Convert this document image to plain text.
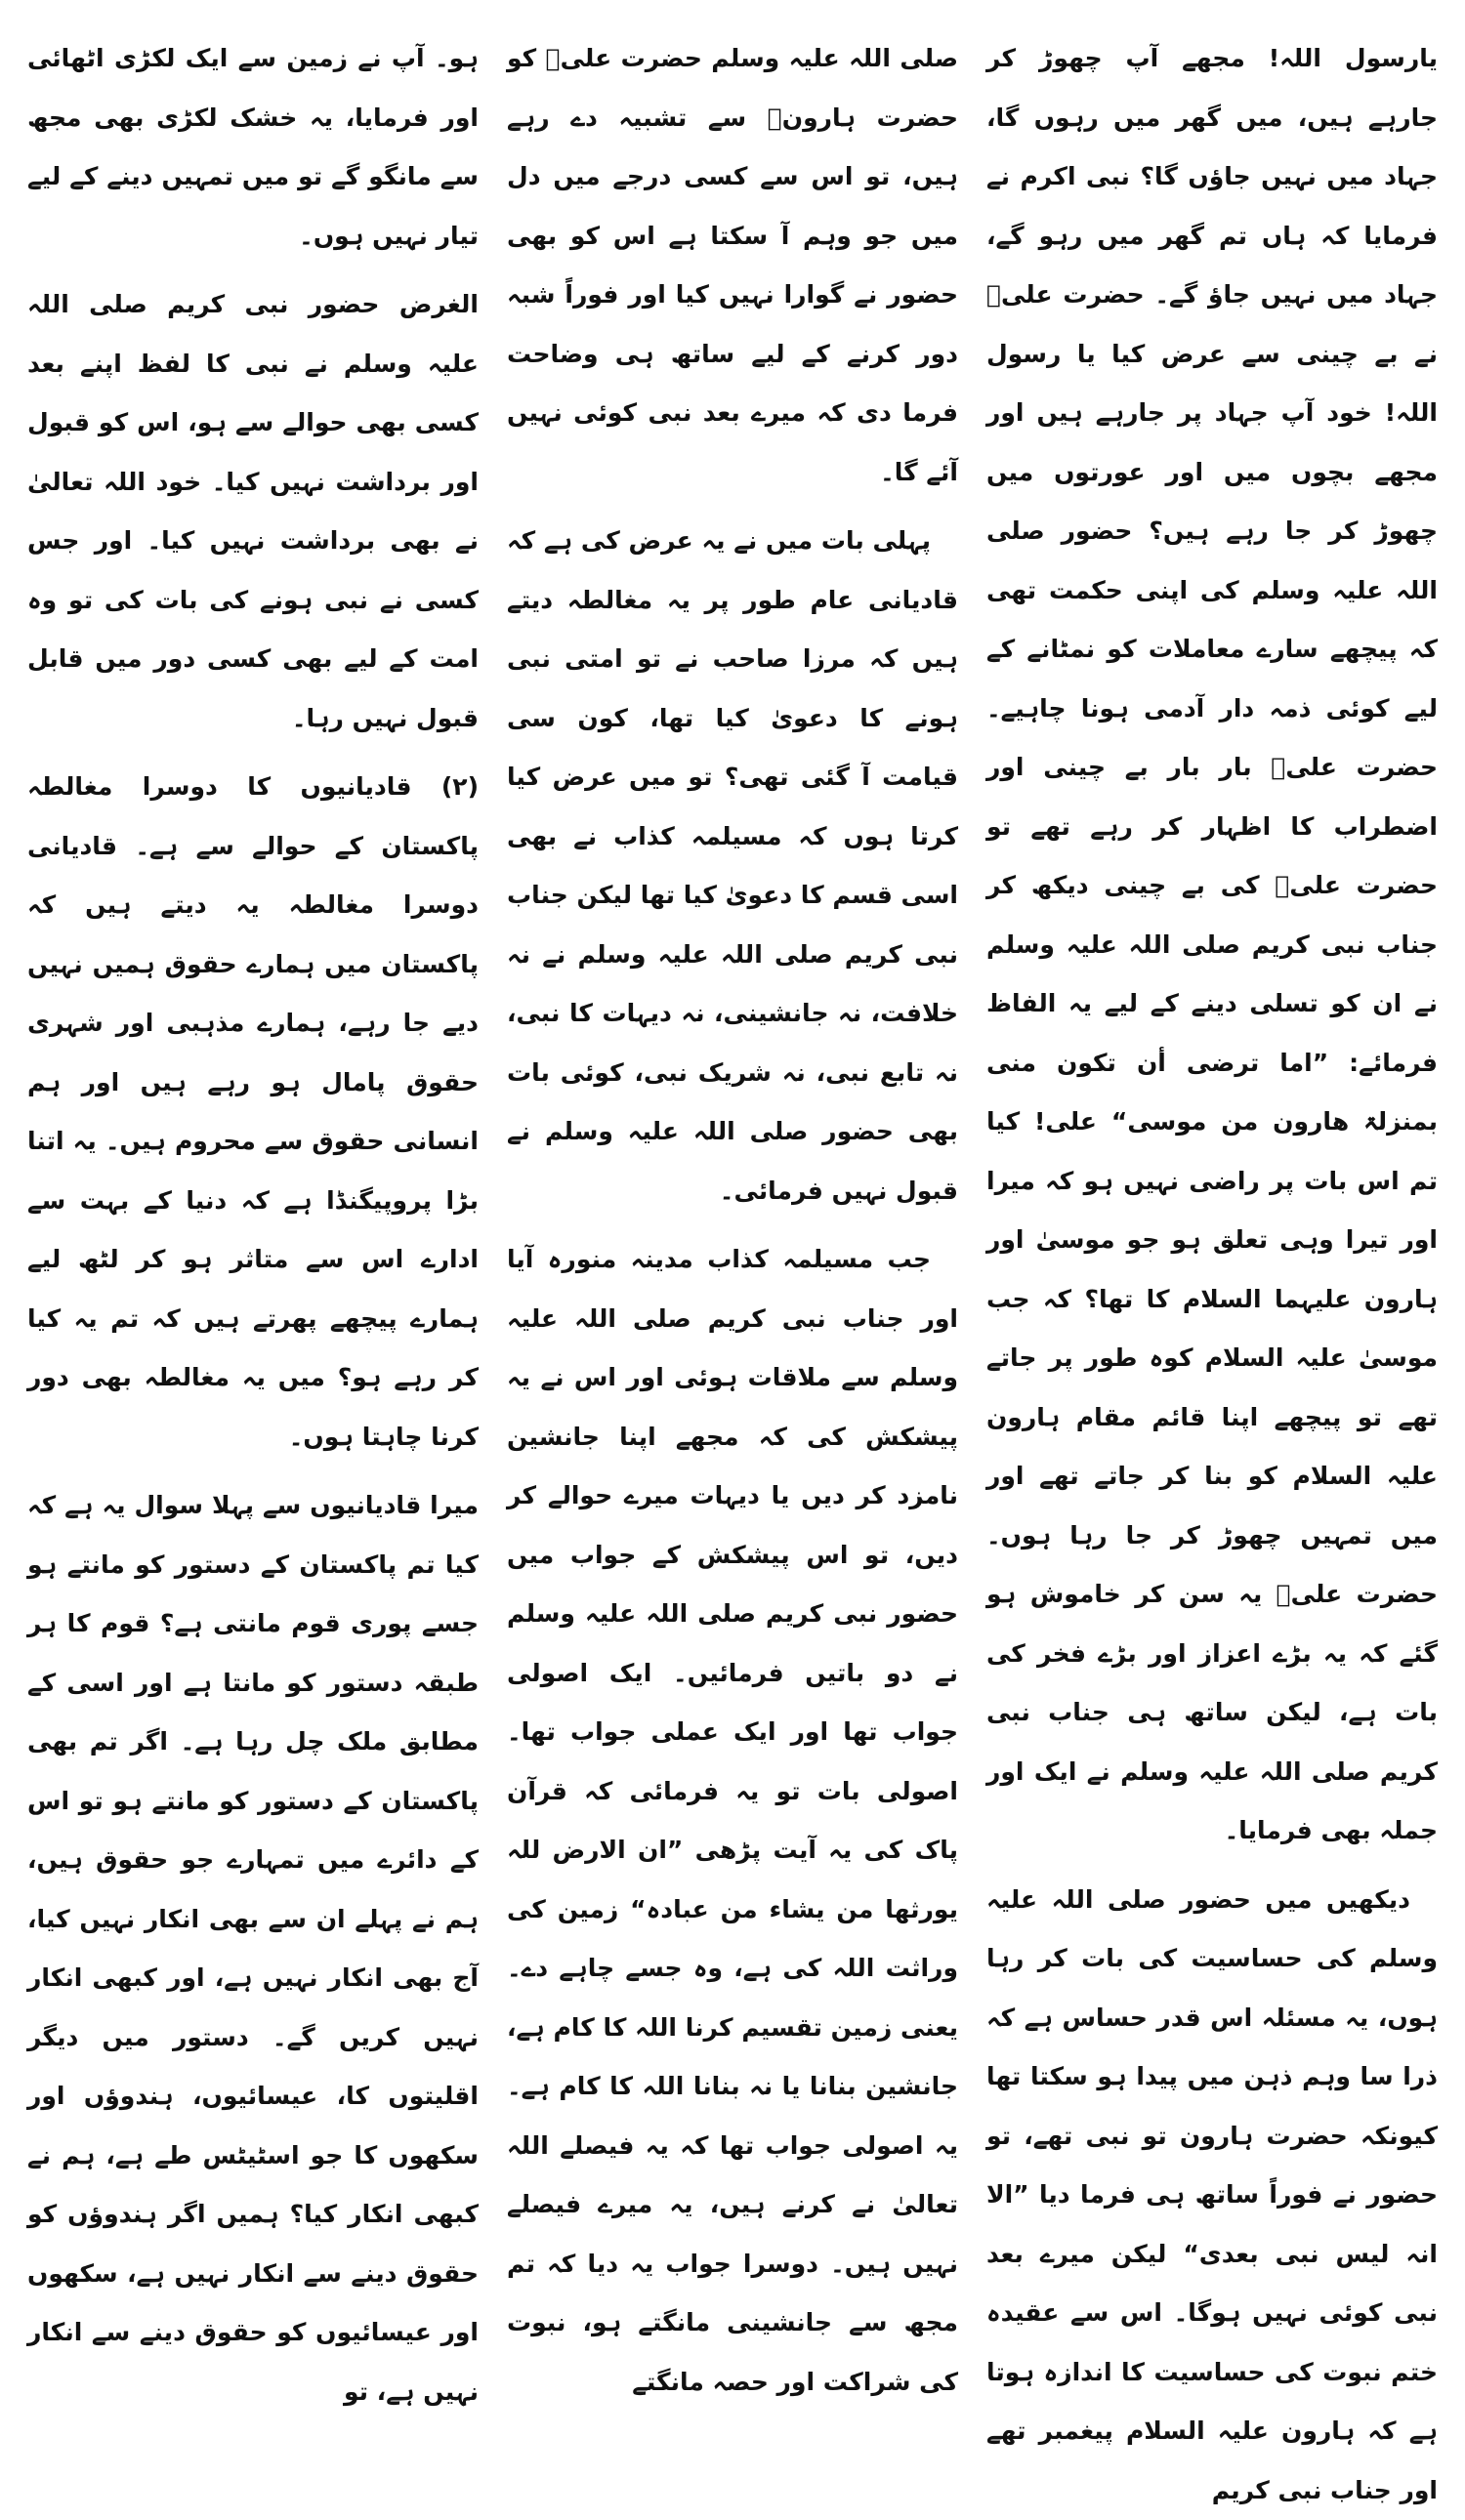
یارسول اللہ! مجھے آپ چھوڑ کر جارہے ہیں، میں گھر میں رہوں گا، جہاد میں نہیں جاؤں گا؟ نبی اکرم نے فرمایا کہ ہاں تم گھر میں رہو گے، جہاد میں نہیں جاؤ گے۔ حضرت علیؓ نے بے چینی سے عرض کیا یا رسول اللہ! خود آپ جہاد پر جارہے ہیں اور مجھے بچوں میں اور عورتوں میں چھوڑ کر جا رہے ہیں؟ حضور صلی اللہ علیہ وسلم کی اپنی حکمت تھی کہ پیچھے سارے معاملات کو نمٹانے کے لیے کوئی ذمہ دار آدمی ہونا چاہیے۔ حضرت علیؓ بار بار بے چینی اور اضطراب کا اظہار کر رہے تھے تو حضرت علیؓ کی بے چینی دیکھ کر جناب نبی کریم صلی اللہ علیہ وسلم نے ان کو تسلی دینے کے لیے یہ الفاظ فرمائے: ”اما ترضی أن تکون منی بمنزلۃ ھارون من موسی“ علی! کیا تم اس بات پر راضی نہیں ہو کہ میرا اور تیرا وہی تعلق ہو جو موسیٰ اور ہارون علیہما السلام کا تھا؟ کہ جب موسیٰ علیہ السلام کوہ طور پر جاتے تھے تو پیچھے اپنا قائم مقام ہارون علیہ السلام کو بنا کر جاتے تھے اور میں تمہیں چھوڑ کر جا رہا ہوں۔ حضرت علیؓ یہ سن کر خاموش ہو گئے کہ یہ بڑے اعزاز اور بڑے فخر کی بات ہے، لیکن ساتھ ہی جناب نبی کریم صلی اللہ علیہ وسلم نے ایک اور جملہ بھی فرمایا۔

دیکھیں میں حضور صلی اللہ علیہ وسلم کی حساسیت کی بات کر رہا ہوں، یہ مسئلہ اس قدر حساس ہے کہ ذرا سا وہم ذہن میں پیدا ہو سکتا تھا کیونکہ حضرت ہارون تو نبی تھے، تو حضور نے فوراً ساتھ ہی فرما دیا ”الا انہ لیس نبی بعدی“ لیکن میرے بعد نبی کوئی نہیں ہوگا۔ اس سے عقیدہ ختم نبوت کی حساسیت کا اندازہ ہوتا ہے کہ ہارون علیہ السلام پیغمبر تھے اور جناب نبی کریم

صلی اللہ علیہ وسلم حضرت علیؓ کو حضرت ہارونؑ سے تشبیہ دے رہے ہیں، تو اس سے کسی درجے میں دل میں جو وہم آ سکتا ہے اس کو بھی حضور نے گوارا نہیں کیا اور فوراً شبہ دور کرنے کے لیے ساتھ ہی وضاحت فرما دی کہ میرے بعد نبی کوئی نہیں آئے گا۔

پہلی بات میں نے یہ عرض کی ہے کہ قادیانی عام طور پر یہ مغالطہ دیتے ہیں کہ مرزا صاحب نے تو امتی نبی ہونے کا دعویٰ کیا تھا، کون سی قیامت آ گئی تھی؟ تو میں عرض کیا کرتا ہوں کہ مسیلمہ کذاب نے بھی اسی قسم کا دعویٰ کیا تھا لیکن جناب نبی کریم صلی اللہ علیہ وسلم نے نہ خلافت، نہ جانشینی، نہ دیہات کا نبی، نہ تابع نبی، نہ شریک نبی، کوئی بات بھی حضور صلی اللہ علیہ وسلم نے قبول نہیں فرمائی۔

جب مسیلمہ کذاب مدینہ منورہ آیا اور جناب نبی کریم صلی اللہ علیہ وسلم سے ملاقات ہوئی اور اس نے یہ پیشکش کی کہ مجھے اپنا جانشین نامزد کر دیں یا دیہات میرے حوالے کر دیں، تو اس پیشکش کے جواب میں حضور نبی کریم صلی اللہ علیہ وسلم نے دو باتیں فرمائیں۔ ایک اصولی جواب تھا اور ایک عملی جواب تھا۔ اصولی بات تو یہ فرمائی کہ قرآن پاک کی یہ آیت پڑھی ”ان الارض للہ یورثھا من یشاء من عبادہ“ زمین کی وراثت اللہ کی ہے، وہ جسے چاہے دے۔ یعنی زمین تقسیم کرنا اللہ کا کام ہے، جانشین بنانا یا نہ بنانا اللہ کا کام ہے۔ یہ اصولی جواب تھا کہ یہ فیصلے اللہ تعالیٰ نے کرنے ہیں، یہ میرے فیصلے نہیں ہیں۔ دوسرا جواب یہ دیا کہ تم مجھ سے جانشینی مانگتے ہو، نبوت کی شراکت اور حصہ مانگتے

ہو۔ آپ نے زمین سے ایک لکڑی اٹھائی اور فرمایا، یہ خشک لکڑی بھی مجھ سے مانگو گے تو میں تمہیں دینے کے لیے تیار نہیں ہوں۔

الغرض حضور نبی کریم صلی اللہ علیہ وسلم نے نبی کا لفظ اپنے بعد کسی بھی حوالے سے ہو، اس کو قبول اور برداشت نہیں کیا۔ خود اللہ تعالیٰ نے بھی برداشت نہیں کیا۔ اور جس کسی نے نبی ہونے کی بات کی تو وہ امت کے لیے بھی کسی دور میں قابل قبول نہیں رہا۔

(۲) قادیانیوں کا دوسرا مغالطہ پاکستان کے حوالے سے ہے۔ قادیانی دوسرا مغالطہ یہ دیتے ہیں کہ پاکستان میں ہمارے حقوق ہمیں نہیں دیے جا رہے، ہمارے مذہبی اور شہری حقوق پامال ہو رہے ہیں اور ہم انسانی حقوق سے محروم ہیں۔ یہ اتنا بڑا پروپیگنڈا ہے کہ دنیا کے بہت سے ادارے اس سے متاثر ہو کر لٹھ لیے ہمارے پیچھے پھرتے ہیں کہ تم یہ کیا کر رہے ہو؟ میں یہ مغالطہ بھی دور کرنا چاہتا ہوں۔

میرا قادیانیوں سے پہلا سوال یہ ہے کہ کیا تم پاکستان کے دستور کو مانتے ہو جسے پوری قوم مانتی ہے؟ قوم کا ہر طبقہ دستور کو مانتا ہے اور اسی کے مطابق ملک چل رہا ہے۔ اگر تم بھی پاکستان کے دستور کو مانتے ہو تو اس کے دائرے میں تمہارے جو حقوق ہیں، ہم نے پہلے ان سے بھی انکار نہیں کیا، آج بھی انکار نہیں ہے، اور کبھی انکار نہیں کریں گے۔ دستور میں دیگر اقلیتوں کا، عیسائیوں، ہندوؤں اور سکھوں کا جو اسٹیٹس طے ہے، ہم نے کبھی انکار کیا؟ ہمیں اگر ہندوؤں کو حقوق دینے سے انکار نہیں ہے، سکھوں اور عیسائیوں کو حقوق دینے سے انکار نہیں ہے، تو
